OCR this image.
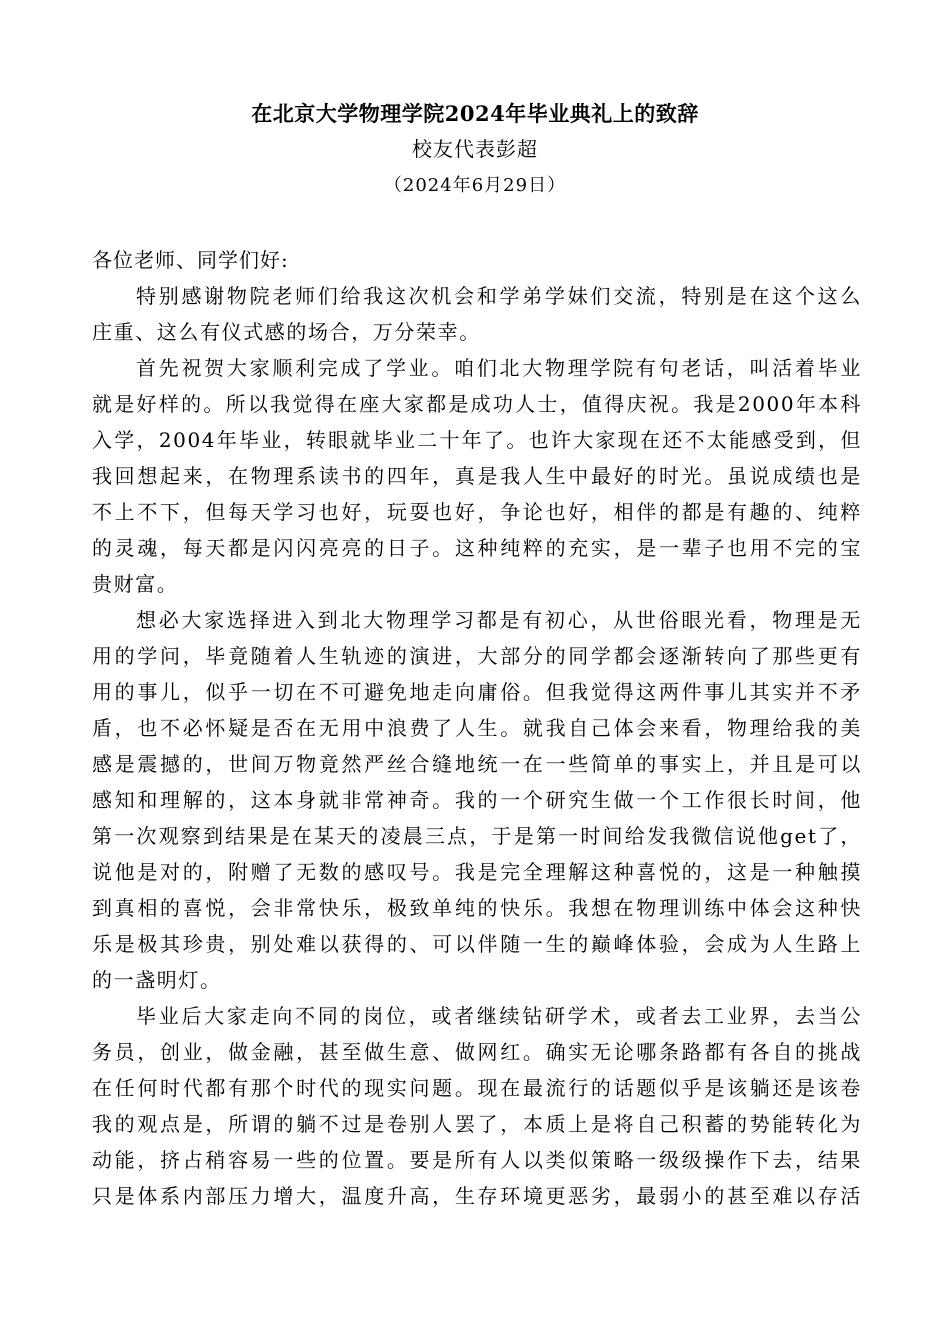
在北京大学物理学院2024年毕业典礼上的致辞
校友代表彭超
（2024年6月29日）

各位老师、同学们好:

特别感谢物院老师们给我这次机会和学弟学妹们交流，特别是在这个这么
庄重、这么有仪式感的场合，万分荣幸。

首先祝贺大家顺利完成了学业。咱们北大物理学院有句老话，叫活着毕业
就是好样的。所以我觉得在座大家都是成功人士，值得庆祝。我是2000年本科
入学，2004年毕业，转眼就毕业二十年了。也许大家现在还不太能感受到，但
我回想起来，在物理系读书的四年，真是我人生中最好的时光。虽说成绩也是
不上不下，但每天学习也好，玩耍也好，争论也好，相伴的都是有趣的、纯粹
的灵魂，每天都是闪闪亮亮的日子。这种纯粹的充实，是一辈子也用不完的宝
贵财富。

想必大家选择进入到北大物理学习都是有初心，从世俗眼光看，物理是无
用的学问，毕竟随着人生轨迹的演进，大部分的同学都会逐渐转向了那些更有
用的事儿，似乎一切在不可避免地走向庸俗。但我觉得这两件事儿其实并不矛
盾，也不必怀疑是否在无用中浪费了人生。就我自己体会来看，物理给我的美
感是震撼的，世间万物竟然严丝合缝地统一在一些简单的事实上，并且是可以
感知和理解的，这本身就非常神奇。我的一个研究生做一个工作很长时间，他
第一次观察到结果是在某天的凌晨三点，于是第一时间给发我微信说他get了，
说他是对的，附赠了无数的感叹号。我是完全理解这种喜悦的，这是一种触摸
到真相的喜悦，会非常快乐，极致单纯的快乐。我想在物理训练中体会这种快
乐是极其珍贵，别处难以获得的、可以伴随一生的巅峰体验，会成为人生路上
的一盏明灯。

毕业后大家走向不同的岗位，或者继续钻研学术，或者去工业界，去当公
务员，创业，做金融，甚至做生意、做网红。确实无论哪条路都有各自的挑战
在任何时代都有那个时代的现实问题。现在最流行的话题似乎是该躺还是该卷
我的观点是，所谓的躺不过是卷别人罢了，本质上是将自己积蓄的势能转化为
动能，挤占稍容易一些的位置。要是所有人以类似策略一级级操作下去，结果
只是体系内部压力增大，温度升高，生存环境更恶劣，最弱小的甚至难以存活
